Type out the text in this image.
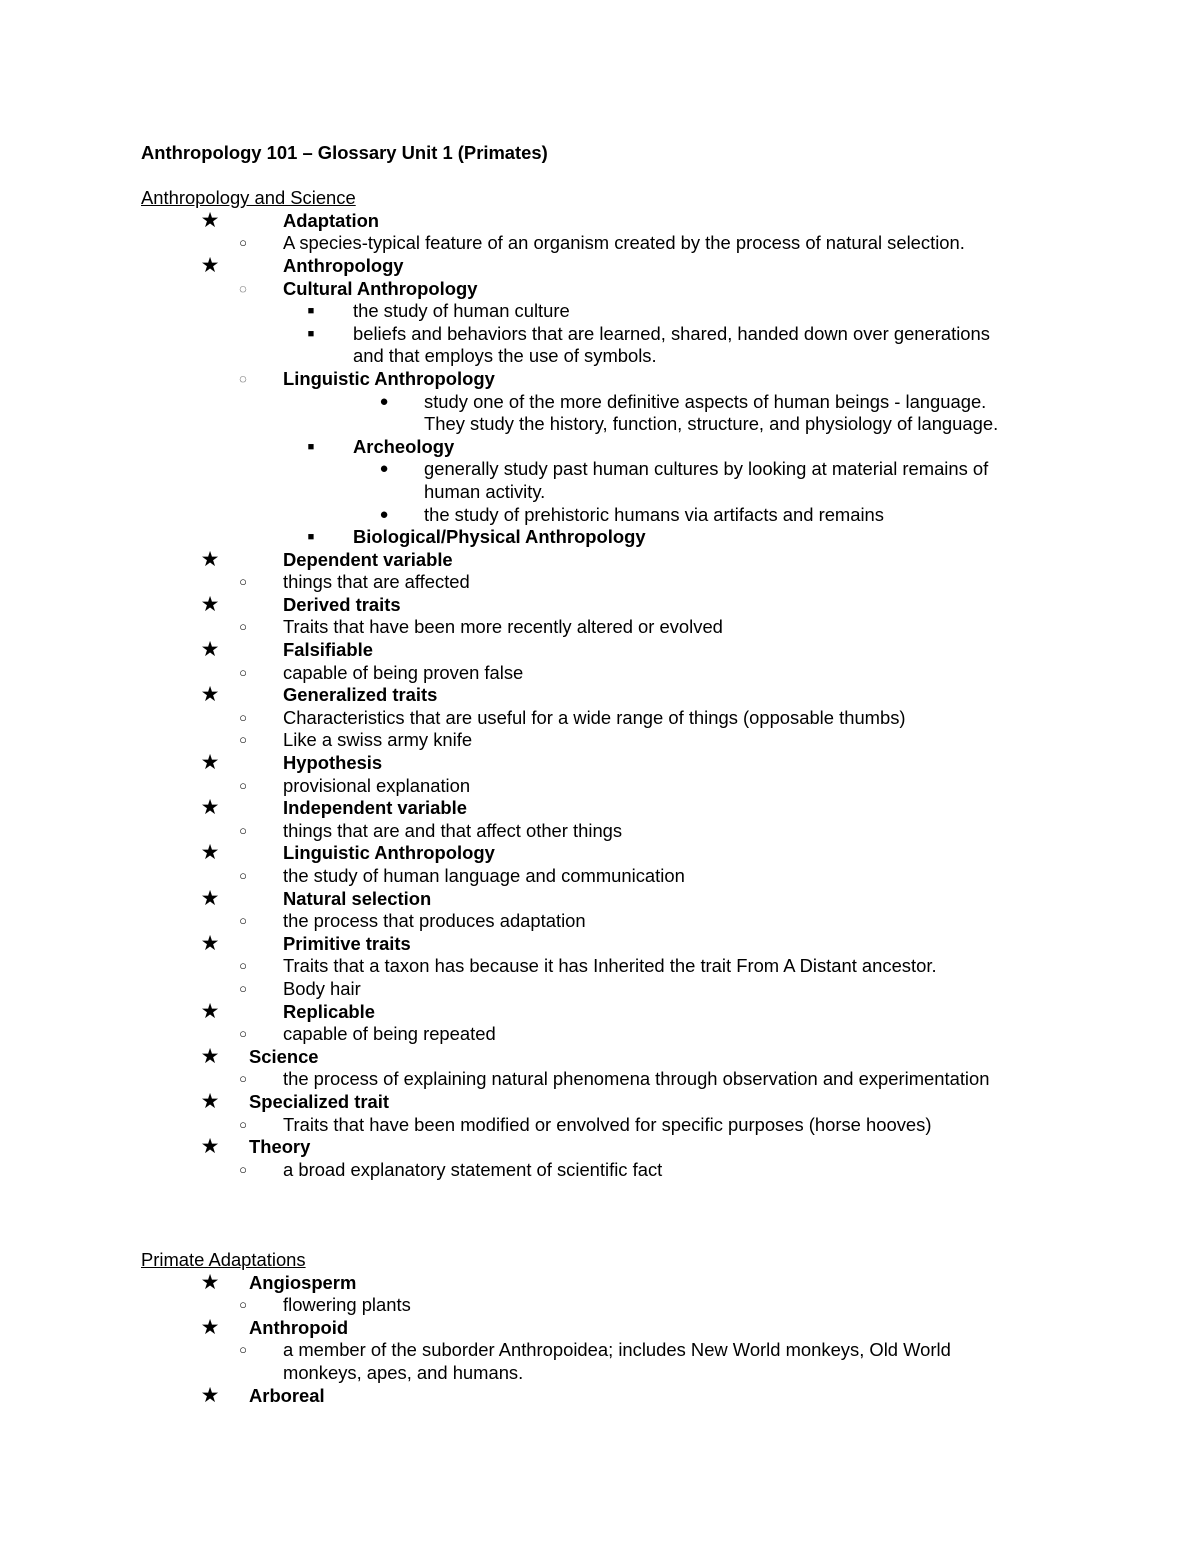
Anthropology 101 – Glossary Unit 1 (Primates)
Anthropology and Science
★	Adaptation
○	A species-typical feature of an organism created by the process of natural selection.
★	Anthropology
◌	Cultural Anthropology
■	the study of human culture
■	beliefs and behaviors that are learned, shared, handed down over generations
and that employs the use of symbols.
◌	Linguistic Anthropology
●	study one of the more definitive aspects of human beings - language.
They study the history, function, structure, and physiology of language.
■	Archeology
●	generally study past human cultures by looking at material remains of
human activity.
●	the study of prehistoric humans via artifacts and remains
■	Biological/Physical Anthropology
★	Dependent variable
○	things that are affected
★	Derived traits
○	Traits that have been more recently altered or evolved
★	Falsifiable
○	capable of being proven false
★	Generalized traits
○	Characteristics that are useful for a wide range of things (opposable thumbs)
○	Like a swiss army knife
★	Hypothesis
○	provisional explanation
★	Independent variable
○	things that are and that affect other things
★	Linguistic Anthropology
○	the study of human language and communication
★	Natural selection
○	the process that produces adaptation
★	Primitive traits
○	Traits that a taxon has because it has Inherited the trait From A Distant ancestor.
○	Body hair
★	Replicable
○	capable of being repeated
★ Science
○	the process of explaining natural phenomena through observation and experimentation
★ Specialized trait
○	Traits that have been modified or envolved for specific purposes (horse hooves)
★ Theory
○	a broad explanatory statement of scientific fact
Primate Adaptations
★ Angiosperm
○	flowering plants
★ Anthropoid
○	a member of the suborder Anthropoidea; includes New World monkeys, Old World
monkeys, apes, and humans.
★ Arboreal
